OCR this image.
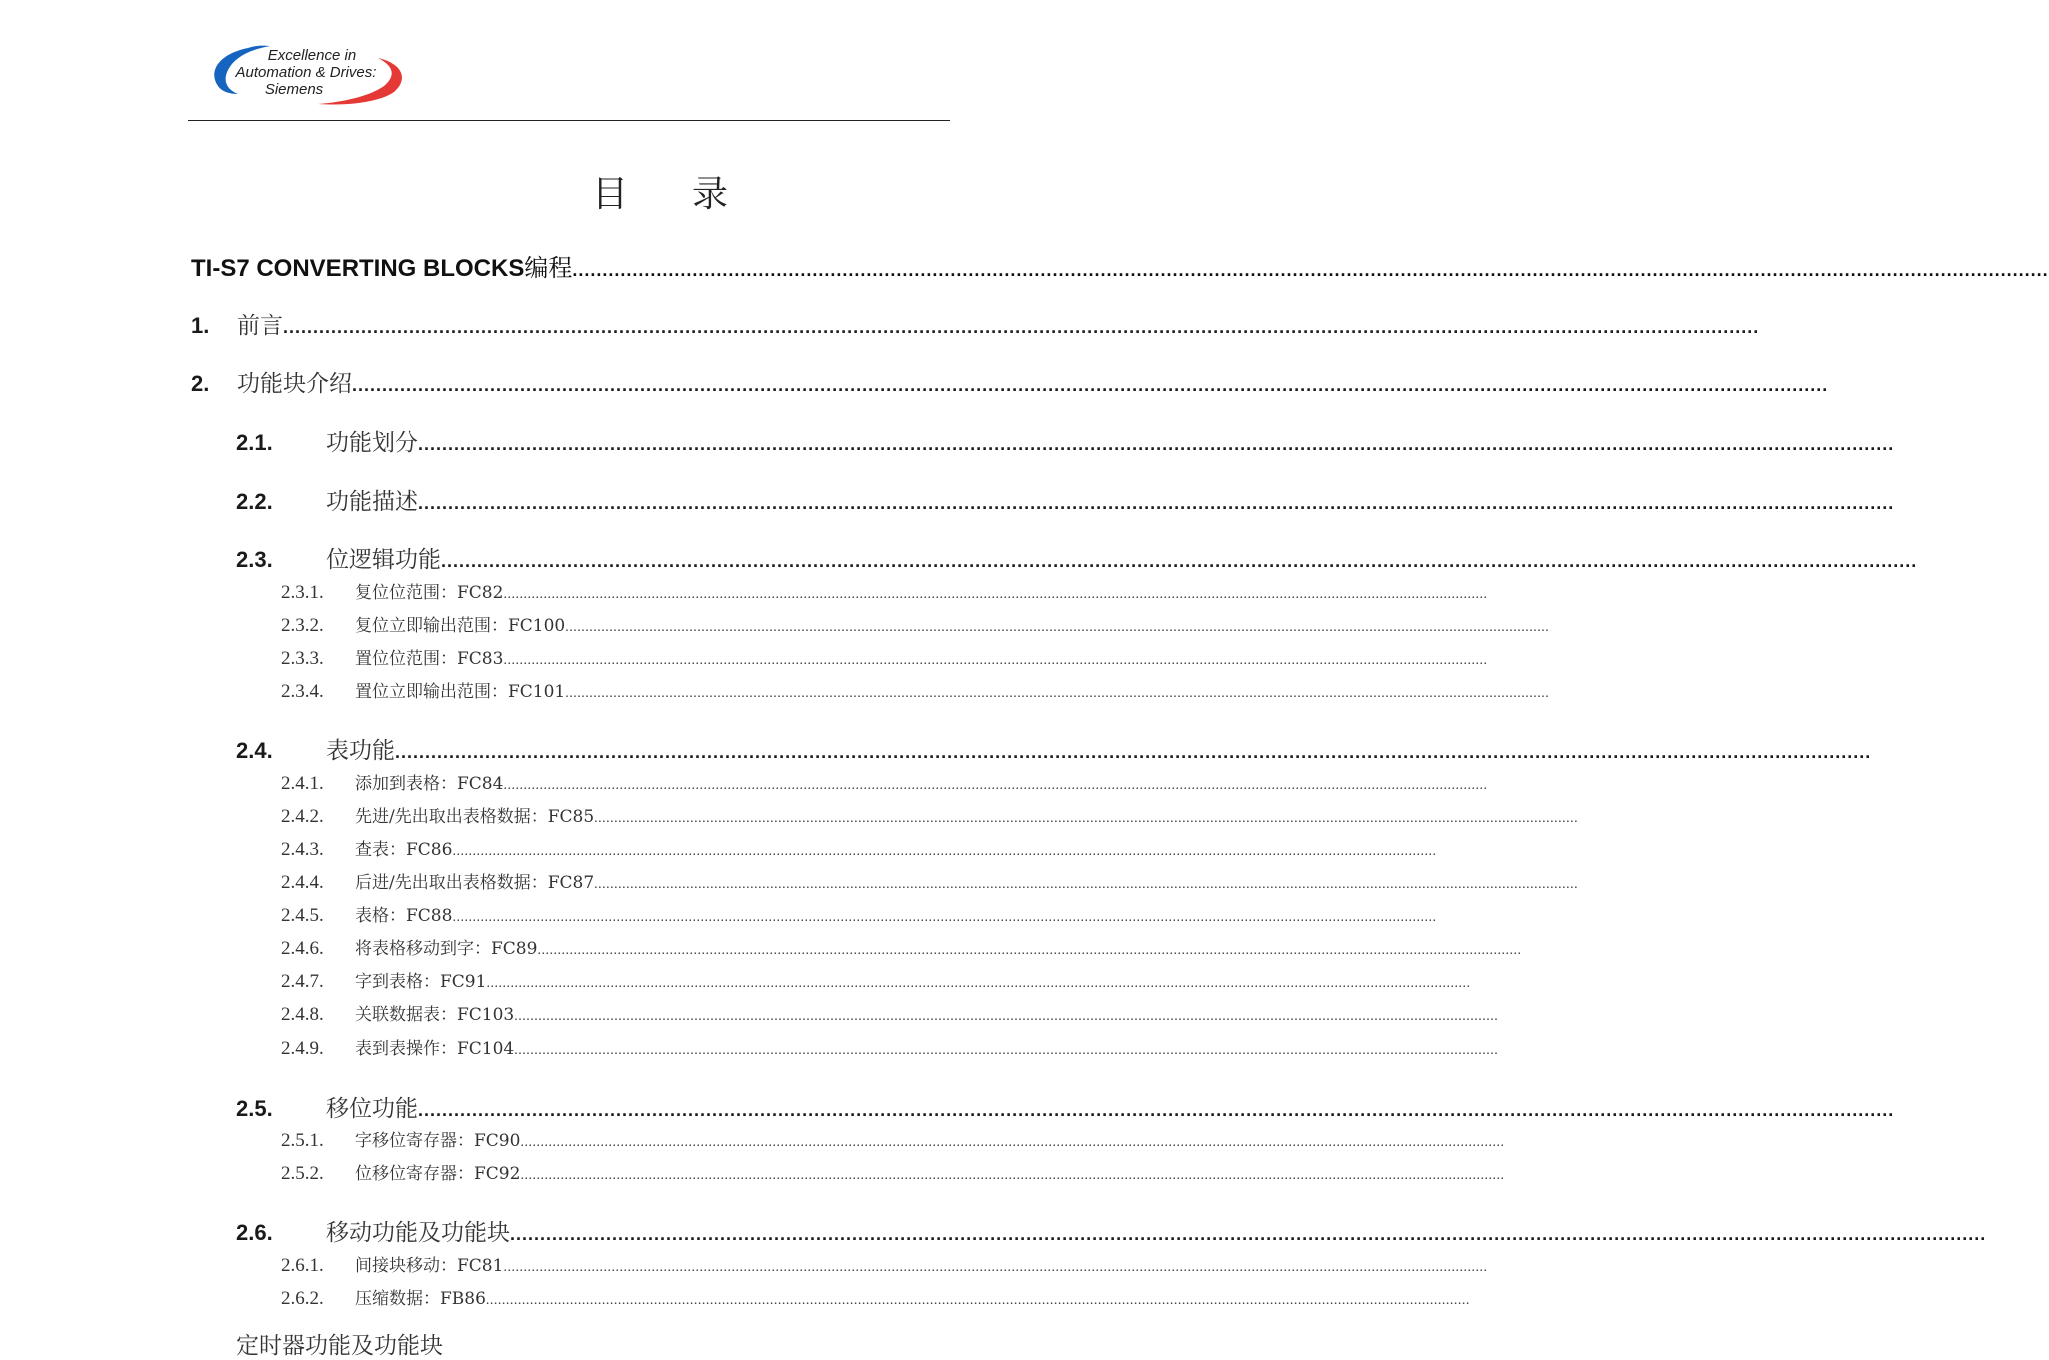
Excellence in
Automation & Drives:
Siemens
目录
TI-S7 CONVERTING BLOCKS 编程 ......................................................................................................................................................................................................................................................
1.	前言 ......................................................................................................................................................................................................................................................
2.	功能块介绍 ......................................................................................................................................................................................................................................................
2.1.	功能划分 ......................................................................................................................................................................................................................................................
2.2.	功能描述 ......................................................................................................................................................................................................................................................
2.3.	位逻辑功能 ......................................................................................................................................................................................................................................................
2.3.1.	复位位范围：FC82 ......................................................................................................................................................................................................................................................
2.3.2.	复位立即输出范围：FC100 ......................................................................................................................................................................................................................................................
2.3.3.	置位位范围：FC83 ......................................................................................................................................................................................................................................................
2.3.4.	置位立即输出范围：FC101 ......................................................................................................................................................................................................................................................
2.4.	表功能 ......................................................................................................................................................................................................................................................
2.4.1.	添加到表格：FC84 ......................................................................................................................................................................................................................................................
2.4.2.	先进/先出取出表格数据：FC85 ......................................................................................................................................................................................................................................................
2.4.3.	查表：FC86 ......................................................................................................................................................................................................................................................
2.4.4.	后进/先出取出表格数据：FC87 ......................................................................................................................................................................................................................................................
2.4.5.	表格：FC88 ......................................................................................................................................................................................................................................................
2.4.6.	将表格移动到字：FC89 ......................................................................................................................................................................................................................................................
2.4.7.	字到表格：FC91 ......................................................................................................................................................................................................................................................
2.4.8.	关联数据表：FC103 ......................................................................................................................................................................................................................................................
2.4.9.	表到表操作：FC104 ......................................................................................................................................................................................................................................................
2.5.	移位功能 ......................................................................................................................................................................................................................................................
2.5.1.	字移位寄存器：FC90 ......................................................................................................................................................................................................................................................
2.5.2.	位移位寄存器：FC92 ......................................................................................................................................................................................................................................................
2.6.	移动功能及功能块 ......................................................................................................................................................................................................................................................
2.6.1.	间接块移动：FC81 ......................................................................................................................................................................................................................................................
2.6.2.	压缩数据：FB86 ......................................................................................................................................................................................................................................................
定时器功能及功能块
